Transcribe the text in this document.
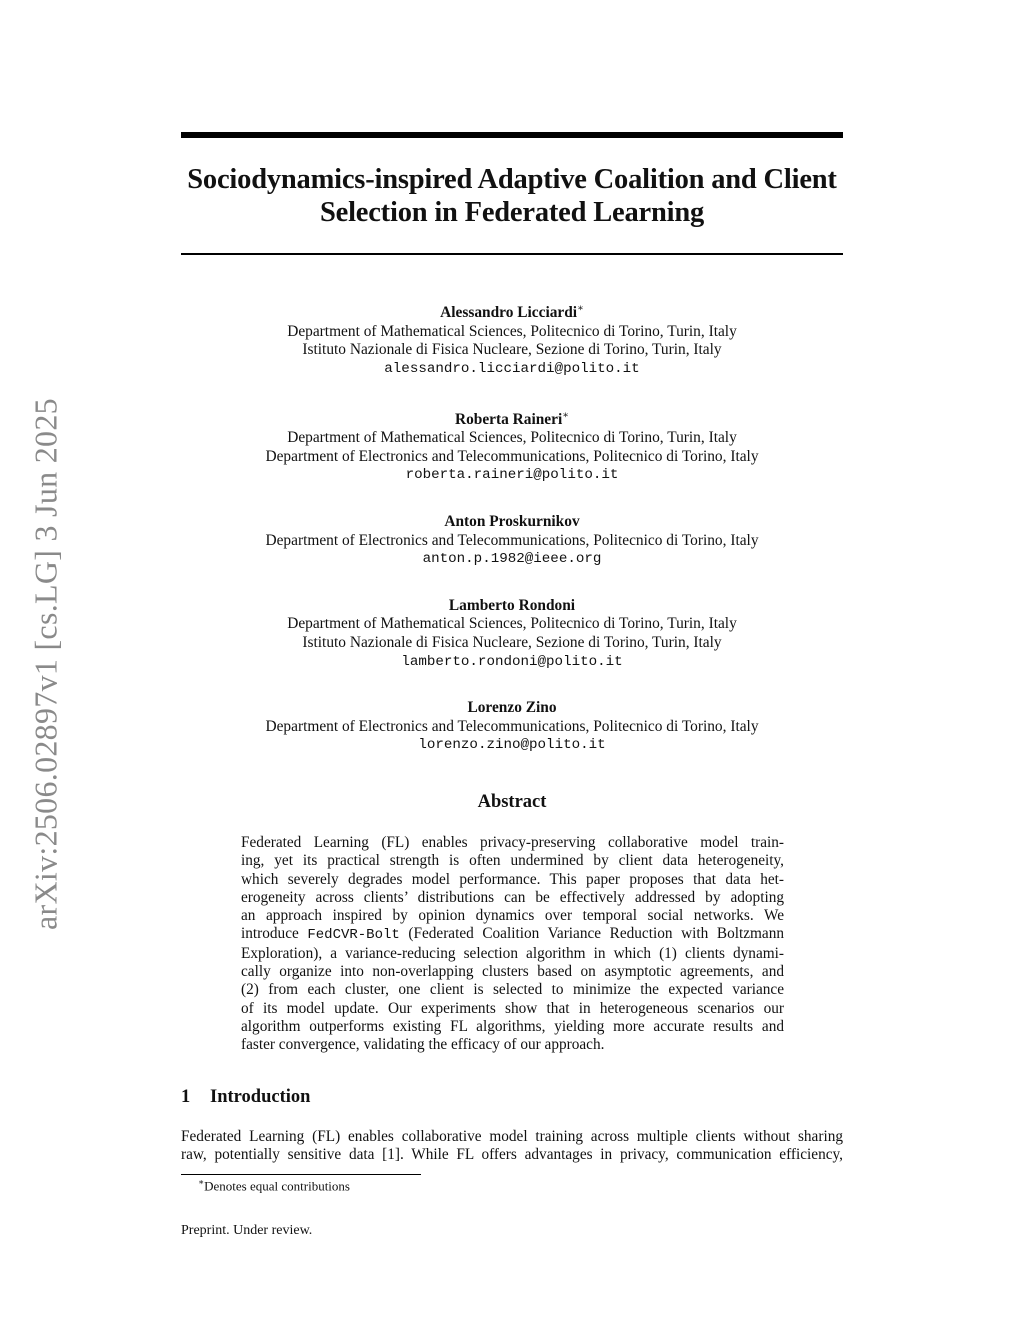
arXiv:2506.02897v1 [cs.LG] 3 Jun 2025
Sociodynamics-inspired Adaptive Coalition and Client
Selection in Federated Learning
Alessandro Licciardi∗
Department of Mathematical Sciences, Politecnico di Torino, Turin, Italy
Istituto Nazionale di Fisica Nucleare, Sezione di Torino, Turin, Italy
alessandro.licciardi@polito.it
Roberta Raineri∗
Department of Mathematical Sciences, Politecnico di Torino, Turin, Italy
Department of Electronics and Telecommunications, Politecnico di Torino, Italy
roberta.raineri@polito.it
Anton Proskurnikov
Department of Electronics and Telecommunications, Politecnico di Torino, Italy
anton.p.1982@ieee.org
Lamberto Rondoni
Department of Mathematical Sciences, Politecnico di Torino, Turin, Italy
Istituto Nazionale di Fisica Nucleare, Sezione di Torino, Turin, Italy
lamberto.rondoni@polito.it
Lorenzo Zino
Department of Electronics and Telecommunications, Politecnico di Torino, Italy
lorenzo.zino@polito.it
Abstract
Federated Learning (FL) enables privacy-preserving collaborative model train-
ing, yet its practical strength is often undermined by client data heterogeneity,
which severely degrades model performance. This paper proposes that data het-
erogeneity across clients’ distributions can be effectively addressed by adopting
an approach inspired by opinion dynamics over temporal social networks. We
introduce FedCVR-Bolt (Federated Coalition Variance Reduction with Boltzmann
Exploration), a variance-reducing selection algorithm in which (1) clients dynami-
cally organize into non-overlapping clusters based on asymptotic agreements, and
(2) from each cluster, one client is selected to minimize the expected variance
of its model update. Our experiments show that in heterogeneous scenarios our
algorithm outperforms existing FL algorithms, yielding more accurate results and
faster convergence, validating the efficacy of our approach.
1 Introduction
Federated Learning (FL) enables collaborative model training across multiple clients without sharing
raw, potentially sensitive data [1]. While FL offers advantages in privacy, communication efficiency,
∗Denotes equal contributions
Preprint. Under review.
